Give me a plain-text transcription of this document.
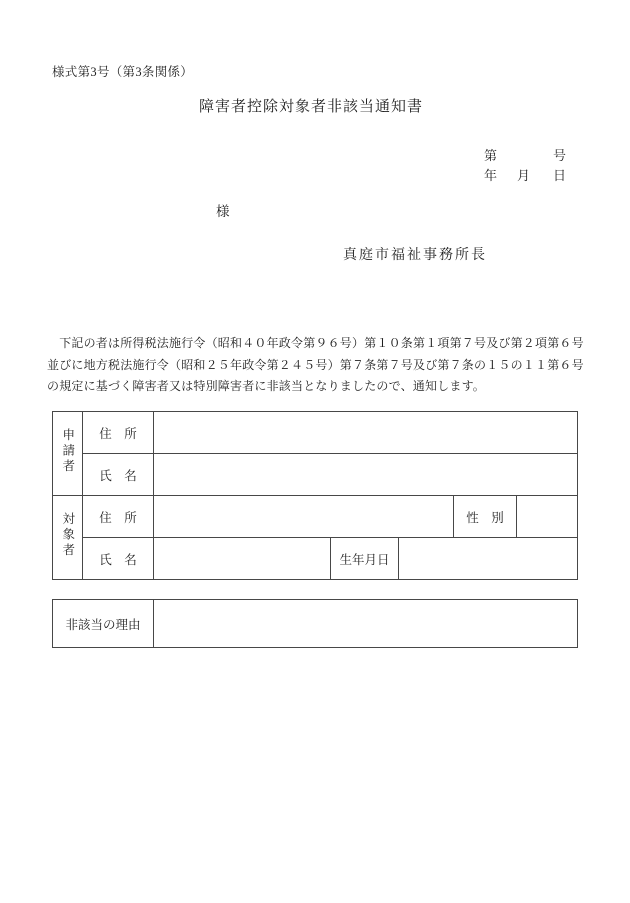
様式第3号（第3条関係）
障害者控除対象者非該当通知書
第	号
年 月 日
様
真庭市福祉事務所長
　下記の者は所得税法施行令（昭和４０年政令第９６号）第１０条第１項第７号及び第２項第６号
並びに地方税法施行令（昭和２５年政令第２４５号）第７条第７号及び第７条の１５の１１第６号
の規定に基づく障害者又は特別障害者に非該当となりましたので、通知します。
申請者	住　所					
	氏　名					
対象者	住　所				性　別	
	氏　名		生年月日			
非該当の理由	
